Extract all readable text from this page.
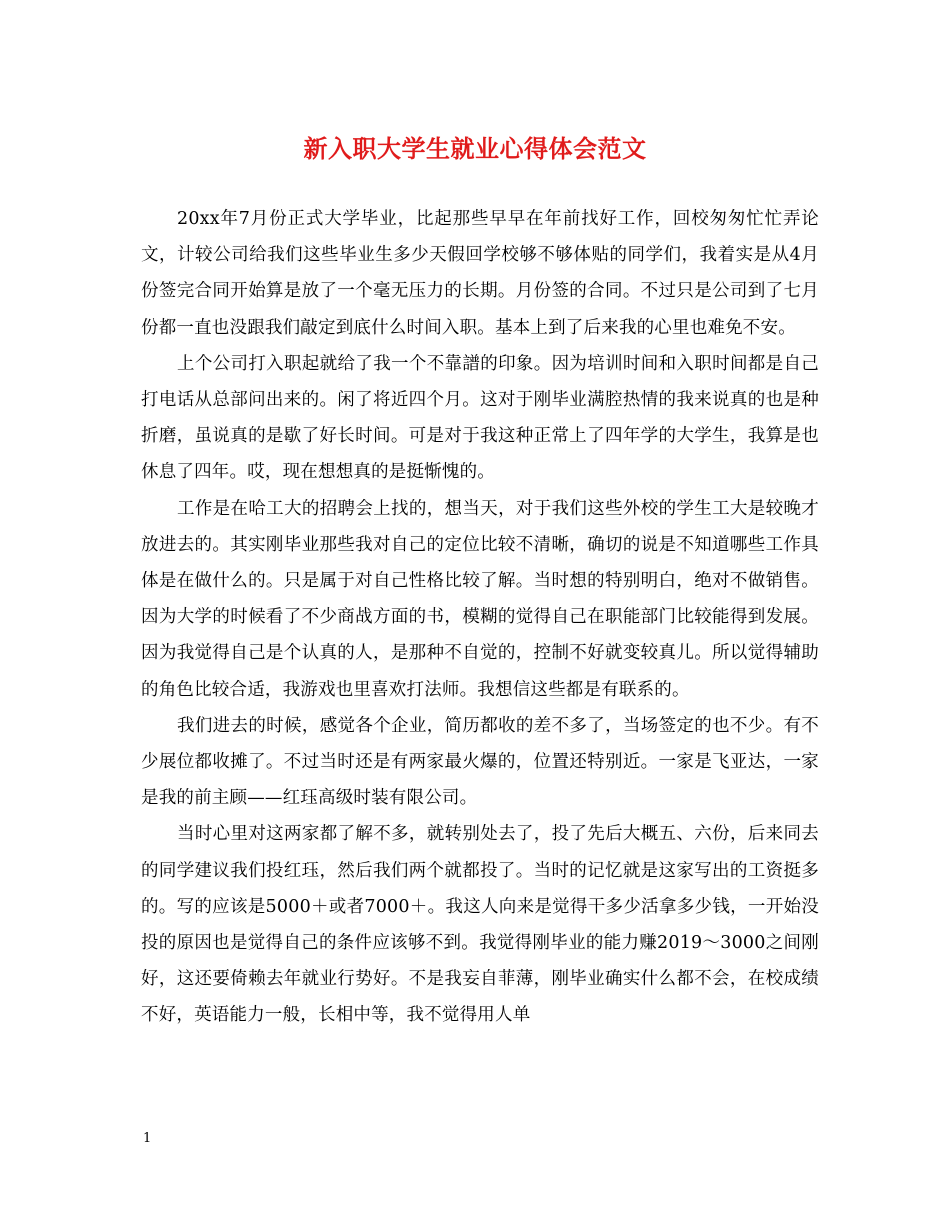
新入职大学生就业心得体会范文

20xx年7月份正式大学毕业，比起那些早早在年前找好工作，回校匆匆忙忙弄论文，计较公司给我们这些毕业生多少天假回学校够不够体贴的同学们，我着实是从4月份签完合同开始算是放了一个毫无压力的长期。月份签的合同。不过只是公司到了七月份都一直也没跟我们敲定到底什么时间入职。基本上到了后来我的心里也难免不安。

上个公司打入职起就给了我一个不靠譜的印象。因为培训时间和入职时间都是自己打电话从总部问出来的。闲了将近四个月。这对于刚毕业满腔热情的我来说真的也是种折磨，虽说真的是歇了好长时间。可是对于我这种正常上了四年学的大学生，我算是也休息了四年。哎，现在想想真的是挺惭愧的。

工作是在哈工大的招聘会上找的，想当天，对于我们这些外校的学生工大是较晚才放进去的。其实刚毕业那些我对自己的定位比较不清晰，确切的说是不知道哪些工作具体是在做什么的。只是属于对自己性格比较了解。当时想的特别明白，绝对不做销售。因为大学的时候看了不少商战方面的书，模糊的觉得自己在职能部门比较能得到发展。因为我觉得自己是个认真的人，是那种不自觉的，控制不好就变较真儿。所以觉得辅助的角色比较合适，我游戏也里喜欢打法师。我想信这些都是有联系的。

我们进去的时候，感觉各个企业，简历都收的差不多了，当场签定的也不少。有不少展位都收摊了。不过当时还是有两家最火爆的，位置还特别近。一家是飞亚达，一家是我的前主顾——红珏高级时装有限公司。

当时心里对这两家都了解不多，就转别处去了，投了先后大概五、六份，后来同去的同学建议我们投红珏，然后我们两个就都投了。当时的记忆就是这家写出的工资挺多的。写的应该是5000＋或者7000＋。我这人向来是觉得干多少活拿多少钱，一开始没投的原因也是觉得自己的条件应该够不到。我觉得刚毕业的能力赚2019～3000之间刚好，这还要倚赖去年就业行势好。不是我妄自菲薄，刚毕业确实什么都不会，在校成绩不好，英语能力一般，长相中等，我不觉得用人单

1
